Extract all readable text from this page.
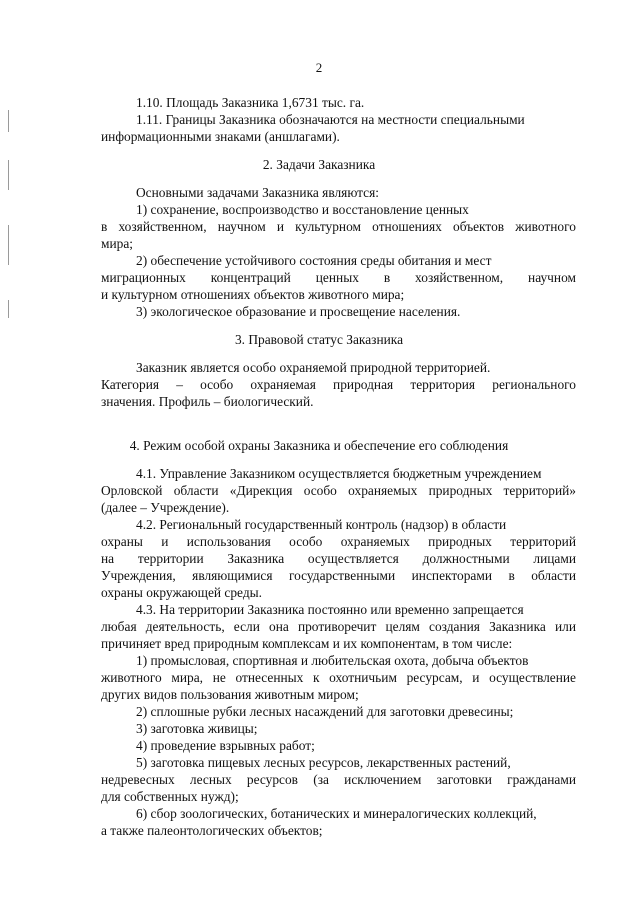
2
1.10. Площадь Заказника 1,6731 тыс. га.
1.11. Границы Заказника обозначаются на местности специальными
информационными знаками (аншлагами).
2. Задачи Заказника
Основными задачами Заказника являются:
1) сохранение, воспроизводство и восстановление ценных
в хозяйственном, научном и культурном отношениях объектов животного
мира;
2) обеспечение устойчивого состояния среды обитания и мест
миграционных концентраций ценных в хозяйственном, научном
и культурном отношениях объектов животного мира;
3) экологическое образование и просвещение населения.
3. Правовой статус Заказника
Заказник является особо охраняемой природной территорией.
Категория – особо охраняемая природная территория регионального
значения. Профиль – биологический.
4. Режим особой охраны Заказника и обеспечение его соблюдения
4.1. Управление Заказником осуществляется бюджетным учреждением
Орловской области «Дирекция особо охраняемых природных территорий»
(далее – Учреждение).
4.2. Региональный государственный контроль (надзор) в области
охраны и использования особо охраняемых природных территорий
на территории Заказника осуществляется должностными лицами
Учреждения, являющимися государственными инспекторами в области
охраны окружающей среды.
4.3. На территории Заказника постоянно или временно запрещается
любая деятельность, если она противоречит целям создания Заказника или
причиняет вред природным комплексам и их компонентам, в том числе:
1) промысловая, спортивная и любительская охота, добыча объектов
животного мира, не отнесенных к охотничьим ресурсам, и осуществление
других видов пользования животным миром;
2) сплошные рубки лесных насаждений для заготовки древесины;
3) заготовка живицы;
4) проведение взрывных работ;
5) заготовка пищевых лесных ресурсов, лекарственных растений,
недревесных лесных ресурсов (за исключением заготовки гражданами
для собственных нужд);
6) сбор зоологических, ботанических и минералогических коллекций,
а также палеонтологических объектов;
